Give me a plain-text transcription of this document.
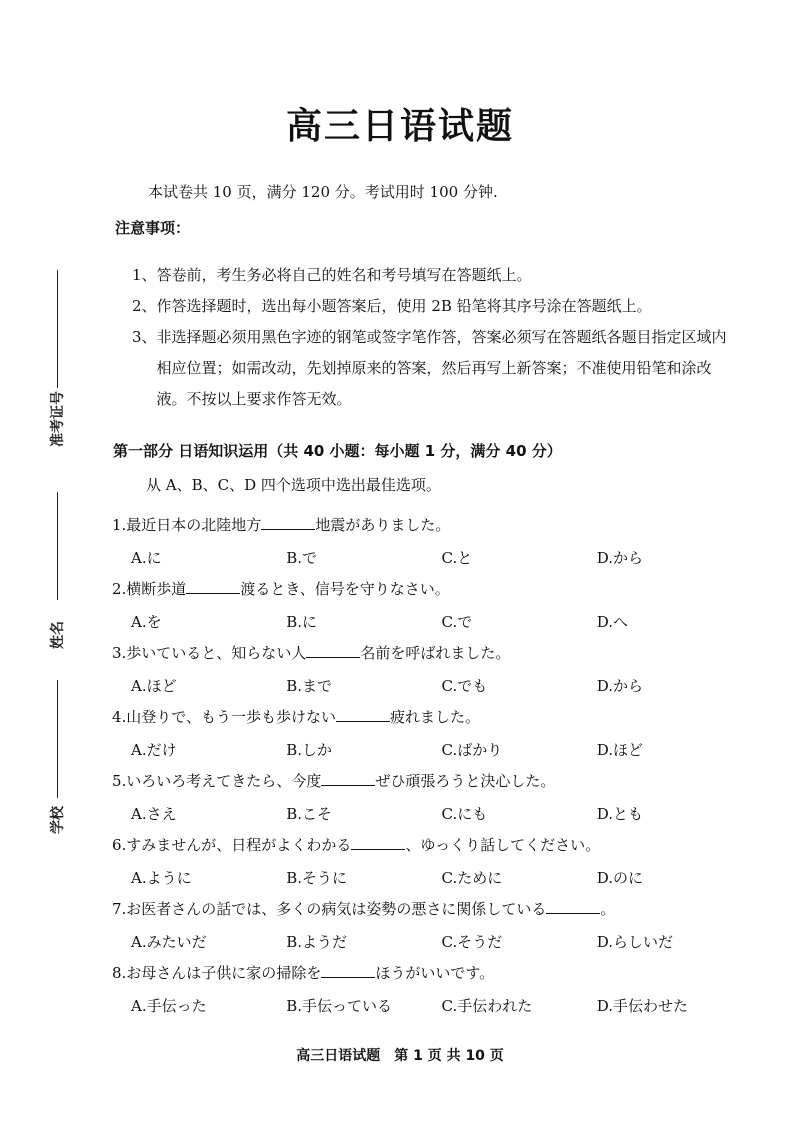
准考证号
姓名
学校
高三日语试题
本试卷共 10 页，满分 120 分。考试用时 100 分钟.
注意事项：
1、答卷前，考生务必将自己的姓名和考号填写在答题纸上。
2、作答选择题时，选出每小题答案后，使用 2B 铅笔将其序号涂在答题纸上。
3、 非选择题必须用黑色字迹的钢笔或签字笔作答，答案必须写在答题纸各题目指定区域内相应位置；如需改动，先划掉原来的答案，然后再写上新答案；不准使用铅笔和涂改液。不按以上要求作答无效。
第一部分 日语知识运用（共 40 小题：每小题 1 分，满分 40 分）
从 A、B、C、D 四个选项中选出最佳选项。
1.最近日本の北陸地方	地震がありました。
A.に	B.で	C.と	D.から
2.横断歩道	渡るとき、信号を守りなさい。
A.を	B.に	C.で	D.へ
3.歩いていると、知らない人	名前を呼ばれました。
A.ほど	B.まで	C.でも	D.から
4.山登りで、もう一歩も歩けない	疲れました。
A.だけ	B.しか	C.ばかり	D.ほど
5.いろいろ考えてきたら、今度	ぜひ頑張ろうと決心した。
A.さえ	B.こそ	C.にも	D.とも
6.すみませんが、日程がよくわかる	、ゆっくり話してください。
A.ように	B.そうに	C.ために	D.のに
7.お医者さんの話では、多くの病気は姿勢の悪さに関係している	。
A.みたいだ	B.ようだ	C.そうだ	D.らしいだ
8.お母さんは子供に家の掃除を	ほうがいいです。
A.手伝った	B.手伝っている	C.手伝われた	D.手伝わせた
高三日语试题　第 1 页 共 10 页
